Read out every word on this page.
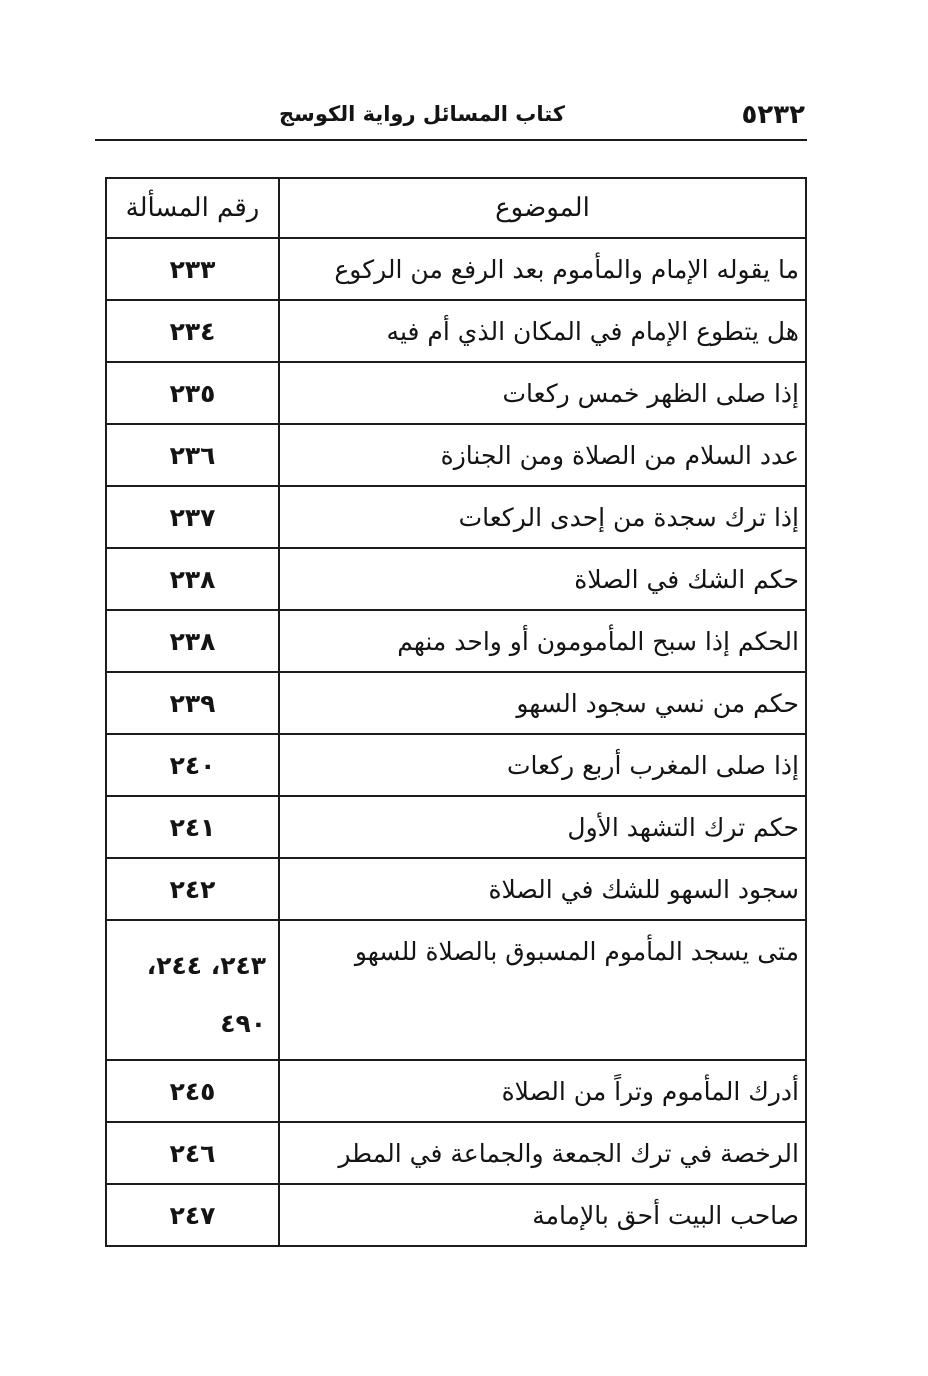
٥٢٣٢
كتاب المسائل رواية الكوسج
الموضوع	رقم المسألة
ما يقوله الإمام والمأموم بعد الرفع من الركوع	٢٣٣
هل يتطوع الإمام في المكان الذي أم فيه	٢٣٤
إذا صلى الظهر خمس ركعات	٢٣٥
عدد السلام من الصلاة ومن الجنازة	٢٣٦
إذا ترك سجدة من إحدى الركعات	٢٣٧
حكم الشك في الصلاة	٢٣٨
الحكم إذا سبح المأمومون أو واحد منهم	٢٣٨
حكم من نسي سجود السهو	٢٣٩
إذا صلى المغرب أربع ركعات	٢٤٠
حكم ترك التشهد الأول	٢٤١
سجود السهو للشك في الصلاة	٢٤٢
متى يسجد المأموم المسبوق بالصلاة للسهو	٢٤٣، ٢٤٤، ٤٩٠
أدرك المأموم وتراً من الصلاة	٢٤٥
الرخصة في ترك الجمعة والجماعة في المطر	٢٤٦
صاحب البيت أحق بالإمامة	٢٤٧
